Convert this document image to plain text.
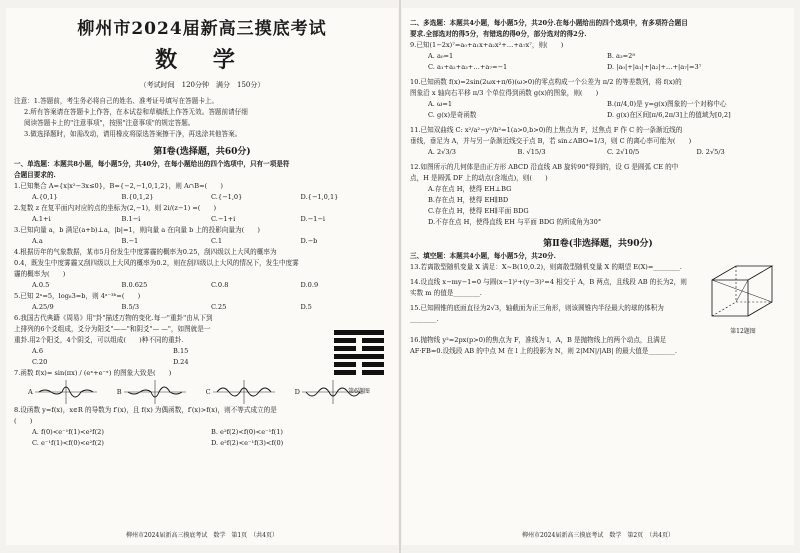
柳州市2024届新高三摸底考试
数 学
（考试时间　120分钟　满分　150分）
注意：1.答题前，考生务必将自己的姓名、准考证号填写在答题卡上。
2.所有答案请在答题卡上作答，在本试卷和草稿纸上作答无效。答题前请仔细
阅读答题卡上的"注意事项"，按照"注意事项"的规定答题。
3.做选择题时，如需改动，请用橡皮将原选答案擦干净，再选涂其他答案。
第Ⅰ卷(选择题，共60分)
一、单选题：本题共8小题，每小题5分，共40分，在每小题给出的四个选项中，只有一项是符
合题目要求的.
1.已知集合 A={x|x²−3x≤0}，B={−2,−1,0,1,2}，则 A∩B=(　　)
A.{0,1}	B.{0,1,2}	C.{−1,0}	D.{−1,0,1}
2.复数 z 在复平面内对应的点的坐标为(2,−1)，则 2i/(z−1) =(　　)
A.1+i	B.1−i	C.−1+i	D.−1−i
3.已知向量 a，b 满足(a+b)⊥a，|b|=1，则向量 a 在向量 b 上的投影向量为(　　)
A.a	B.−1	C.1	D.−b
4.根据历年的气象数据，某市5月份发生中度雾霾的概率为0.25，刮四级以上大风的概率为
0.4，既发生中度雾霾又刮四级以上大风的概率为0.2，则在刮四级以上大风的情况下，发生中度雾
霾的概率为(　　)
A.0.5	B.0.625	C.0.8	D.0.9
5.已知 2ᵃ=5，log₈3=b，则 4ᵃ⁻³ᵇ=(　　)
A.25/9	B.5/3	C.25	D.5
6.我国古代典籍《周易》用"卦"描述万物的变化.每一"重卦"由从下到
上排列的6个爻组成，爻分为阳爻"——"和阴爻"— —"，如图就是一
重卦.用2个阳爻，4个阴爻，可以组成(　　)种不同的重卦.
A.6	B.15
C.20	D.24
7.函数 f(x)= sin(πx) / (eˣ+e⁻ˣ) 的图象大致是(　　)
A	B	C	D
8.设函数 y=f(x)，x∈R 的导数为 f′(x)，且 f(x) 为偶函数，f′(x)>f(x)，则不等式成立的是
(　　)
A. f(0)<e⁻¹f(1)<e²f(2)	B. e²f(2)<f(0)<e⁻¹f(1)
C. e⁻¹f(1)<f(0)<e²f(2)	D. e²f(2)<e⁻¹f(3)<f(0)
第6题图
柳州市2024届新高三摸底考试　数学　第1页　（共4页）
二、多选题：本题共4小题，每小题5分，共20分.在每小题给出的四个选项中，有多项符合题目
要求.全部选对的得5分，有错选的得0分，部分选对的得2分.
9.已知(1−2x)⁷=a₀+a₁x+a₂x²+…+a₇x⁷，则(　　)
A. a₀=1	B. a₃=2⁸
C. a₁+a₂+a₃+…+a₇=−1	D. |a₀|+|a₁|+|a₂|+…+|a₇|=3⁷
10.已知函数 f(x)=2sin(2ωx+π/6)(ω>0)的零点构成一个公差为 π/2 的等差数列，将 f(x)的
图象沿 x 轴向右平移 π/3 个单位得到函数 g(x)的图象，则(　　)
A. ω=1	B.(π/4,0)是 y=g(x)图象的一个对称中心
C. g(x)是奇函数	D. g(x)在区间[π/6,2π/3]上的值域为[0,2]
11.已知双曲线 C: x²/a²−y²/b²=1(a>0,b>0)的上焦点为 F，过焦点 F 作 C 的一条渐近线的
垂线，垂足为 A，并与另一条渐近线交于点 B，若 sin∠ABO=1/3，则 C 的离心率可能为(　　)
A. 2√3/3	B. √15/3	C. 2√10/5	D. 2√5/3
12.如图所示的几何体是由正方形 ABCD 沿直线 AB 旋转90°得到的，设 G 是圆弧 CE 的中
点，H 是圆弧 DF 上的动点(含端点)，则(　　)
A.存在点 H，使得 EH⊥BG
B.存在点 H，使得 EH∥BD
C.存在点 H，使得 EH∥平面 BDG
D.不存在点 H，使得直线 EH 与平面 BDG 的所成角为30°
第Ⅱ卷(非选择题，共90分)
三、填空题：本题共4小题，每小题5分，共20分.
13.若离散型随机变量 X 满足：X~B(10,0.2)，则离散型随机变量 X 的期望 E(X)=________.
14.设直线 x−my−1=0 与圆(x−1)²+(y−3)²=4 相交于 A，B 两点，且线段 AB 的长为2，则
实数 m 的值是________.
15.已知圆锥的底面直径为2√3，轴截面为正三角形，则该圆锥内半径最大的球的体积为
________.
16.抛物线 y²=2px(p>0)的焦点为 F，准线为 l，A，B 是抛物线上的两个动点，且满足
AF·FB=0.设线段 AB 的中点 M 在 l 上的投影为 N，则 2|MN|/|AB| 的最大值是________.
第12题图
柳州市2024届新高三摸底考试　数学　第2页　（共4页）
